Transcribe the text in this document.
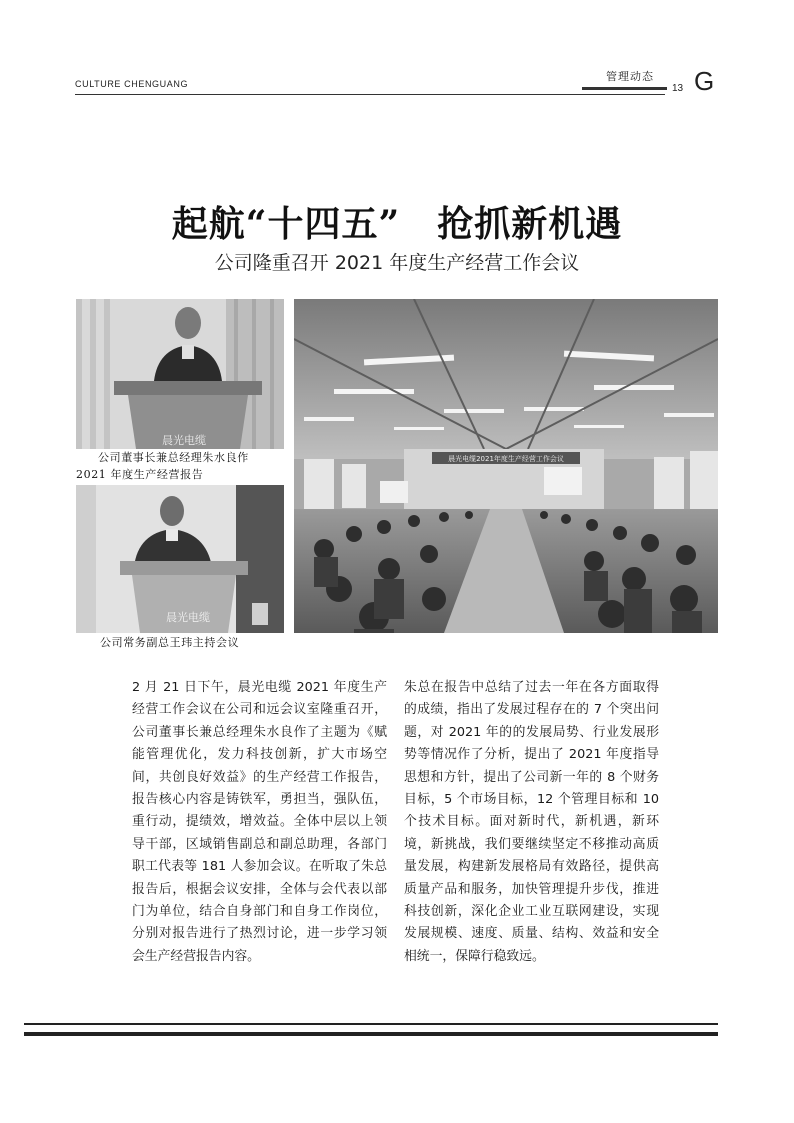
CULTURE CHENGUANG
管理动态
13 G
起航“十四五”　抢抓新机遇
公司隆重召开 2021 年度生产经营工作会议
晨光电缆
公司董事长兼总经理朱水良作
2021 年度生产经营报告
晨光电缆
公司常务副总王玮主持会议
晨光电缆2021年度生产经营工作会议
2 月 21 日下午，晨光电缆 2021 年度生产经营工作会议在公司和远会议室隆重召开，公司董事长兼总经理朱水良作了主题为《赋能管理优化，发力科技创新，扩大市场空间，共创良好效益》的生产经营工作报告，报告核心内容是铸铁军，勇担当，强队伍，重行动，提绩效，增效益。全体中层以上领导干部，区域销售副总和副总助理，各部门职工代表等 181 人参加会议。在听取了朱总报告后，根据会议安排，全体与会代表以部门为单位，结合自身部门和自身工作岗位，分别对报告进行了热烈讨论，进一步学习领会生产经营报告内容。
朱总在报告中总结了过去一年在各方面取得的成绩，指出了发展过程存在的 7 个突出问题，对 2021 年的的发展局势、行业发展形势等情况作了分析，提出了 2021 年度指导思想和方针，提出了公司新一年的 8 个财务目标，5 个市场目标，12 个管理目标和 10 个技术目标。面对新时代，新机遇，新环境，新挑战，我们要继续坚定不移推动高质量发展，构建新发展格局有效路径，提供高质量产品和服务，加快管理提升步伐，推进科技创新，深化企业工业互联网建设，实现发展规模、速度、质量、结构、效益和安全相统一，保障行稳致远。
